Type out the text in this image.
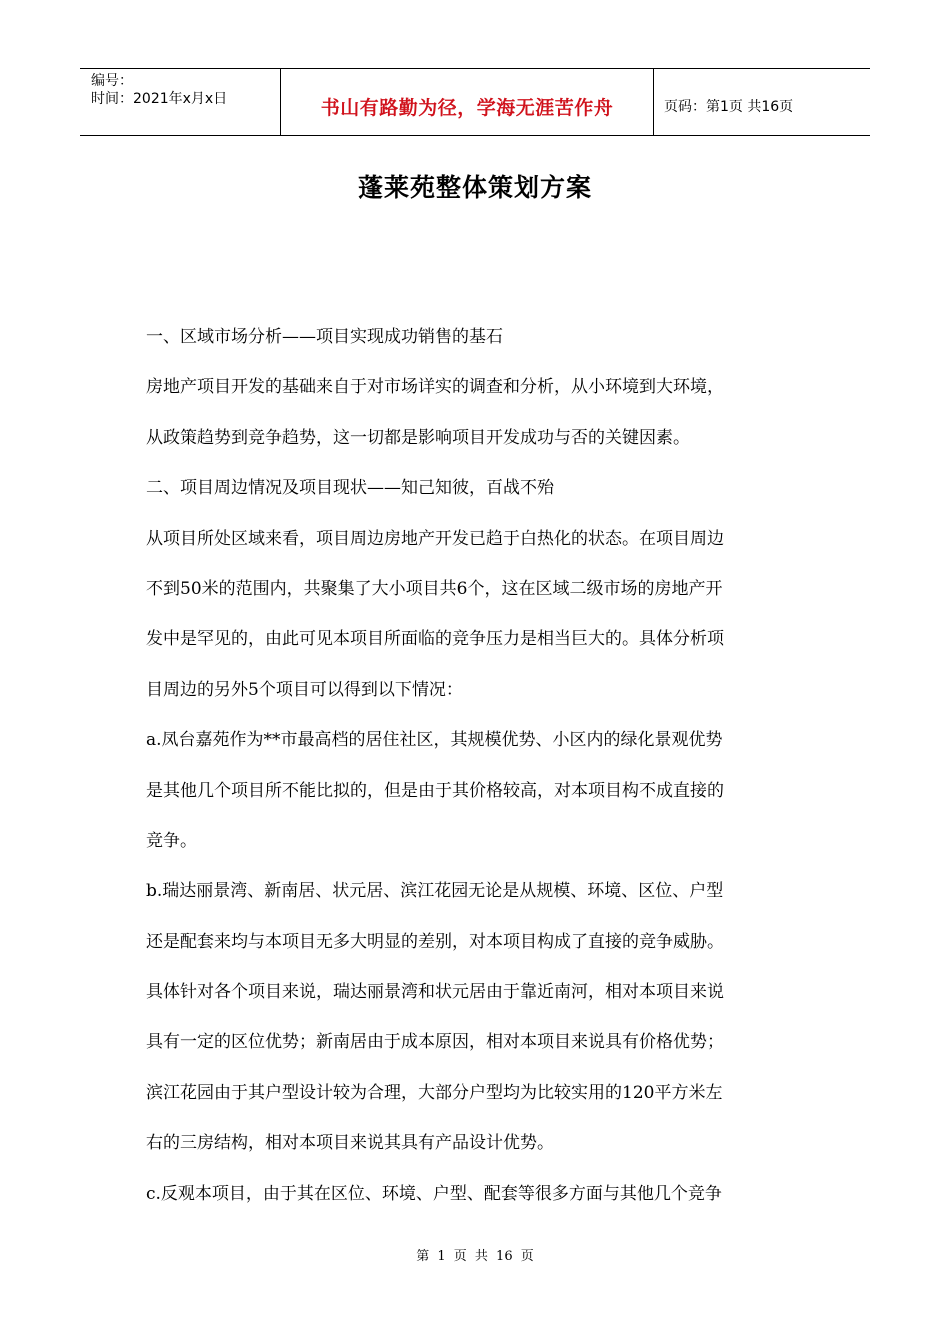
编号：
时间：2021年x月x日	书山有路勤为径，学海无涯苦作舟	页码：第1页 共16页
蓬莱苑整体策划方案
一、区域市场分析——项目实现成功销售的基石
房地产项目开发的基础来自于对市场详实的调查和分析，从小环境到大环境，
从政策趋势到竞争趋势，这一切都是影响项目开发成功与否的关键因素。
二、项目周边情况及项目现状——知己知彼，百战不殆
从项目所处区域来看，项目周边房地产开发已趋于白热化的状态。在项目周边
不到50米的范围内，共聚集了大小项目共6个，这在区域二级市场的房地产开
发中是罕见的，由此可见本项目所面临的竞争压力是相当巨大的。具体分析项
目周边的另外5个项目可以得到以下情况：
a.凤台嘉苑作为**市最高档的居住社区，其规模优势、小区内的绿化景观优势
是其他几个项目所不能比拟的，但是由于其价格较高，对本项目构不成直接的
竞争。
b.瑞达丽景湾、新南居、状元居、滨江花园无论是从规模、环境、区位、户型
还是配套来均与本项目无多大明显的差别，对本项目构成了直接的竞争威胁。
具体针对各个项目来说，瑞达丽景湾和状元居由于靠近南河，相对本项目来说
具有一定的区位优势；新南居由于成本原因，相对本项目来说具有价格优势；
滨江花园由于其户型设计较为合理，大部分户型均为比较实用的120平方米左
右的三房结构，相对本项目来说其具有产品设计优势。
c.反观本项目，由于其在区位、环境、户型、配套等很多方面与其他几个竞争
第 1 页 共 16 页
